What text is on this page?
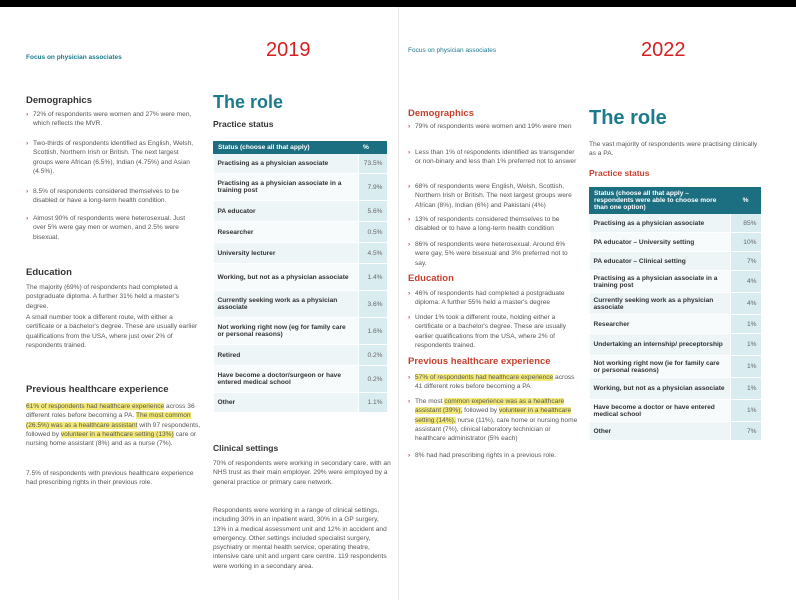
Focus on physician associates	2019
Demographics
› 72% of respondents were women and 27% were men, which reflects the MVR.
› Two-thirds of respondents identified as English, Welsh, Scottish, Northern Irish or British. The next largest groups were African (6.5%), Indian (4.75%) and Asian (4.5%).
› 8.5% of respondents considered themselves to be disabled or have a long-term health condition.
› Almost 90% of respondents were heterosexual. Just over 5% were gay men or women, and 2.5% were bisexual.
Education
The majority (69%) of respondents had completed a postgraduate diploma. A further 31% held a master's degree.
A small number took a different route, with either a certificate or a bachelor's degree. These are usually earlier qualifications from the USA, where just over 2% of respondents trained.
Previous healthcare experience
61% of respondents had healthcare experience across 36 different roles before becoming a PA. The most common (26.5%) was as a healthcare assistant with 97 respondents, followed by volunteer in a healthcare setting (13%) care or nursing home assistant (8%) and as a nurse (7%).
7.5% of respondents with previous healthcare experience had prescribing rights in their previous role.
The role
Practice status
Status (choose all that apply)	%
Practising as a physician associate	73.5%
Practising as a physician associate in a training post	7.9%
PA educator	5.6%
Researcher	0.5%
University lecturer	4.5%
Working, but not as a physician associate	1.4%
Currently seeking work as a physician associate	3.6%
Not working right now (eg for family care or personal reasons)	1.6%
Retired	0.2%
Have become a doctor/surgeon or have entered medical school	0.2%
Other	1.1%
Clinical settings
70% of respondents were working in secondary care, with an NHS trust as their main employer. 29% were employed by a general practice or primary care network.
Respondents were working in a range of clinical settings, including 30% in an inpatient ward, 30% in a GP surgery, 13% in a medical assessment unit and 12% in accident and emergency. Other settings included specialist surgery, psychiatry or mental health service, operating theatre, intensive care unit and urgent care centre. 119 respondents were working in a secondary area.
Focus on physician associates	2022
Demographics
› 79% of respondents were women and 19% were men
› Less than 1% of respondents identified as transgender or non-binary and less than 1% preferred not to answer
› 68% of respondents were English, Welsh, Scottish, Northern Irish or British. The next largest groups were African (8%), Indian (6%) and Pakistani (4%)
› 13% of respondents considered themselves to be disabled or to have a long-term health condition
› 86% of respondents were heterosexual. Around 6% were gay, 5% were bisexual and 3% preferred not to say.
Education
› 46% of respondents had completed a postgraduate diploma. A further 55% held a master's degree
› Under 1% took a different route, holding either a certificate or a bachelor's degree. These are usually earlier qualifications from the USA, where 2% of respondents trained.
Previous healthcare experience
› 57% of respondents had healthcare experience across 41 different roles before becoming a PA
› The most common experience was as a healthcare assistant (39%), followed by volunteer in a healthcare setting (14%), nurse (11%), care home or nursing home assistant (7%), clinical laboratory technician or healthcare administrator (5% each)
› 8% had had prescribing rights in a previous role.
The role
The vast majority of respondents were practising clinically as a PA.
Practice status
Status (choose all that apply – respondents were able to choose more than one option)	%
Practising as a physician associate	85%
PA educator – University setting	10%
PA educator – Clinical setting	7%
Practising as a physician associate in a training post	4%
Currently seeking work as a physician associate	4%
Researcher	1%
Undertaking an internship/ preceptorship	1%
Not working right now (ie for family care or personal reasons)	1%
Working, but not as a physician associate	1%
Have become a doctor or have entered medical school	1%
Other	7%
